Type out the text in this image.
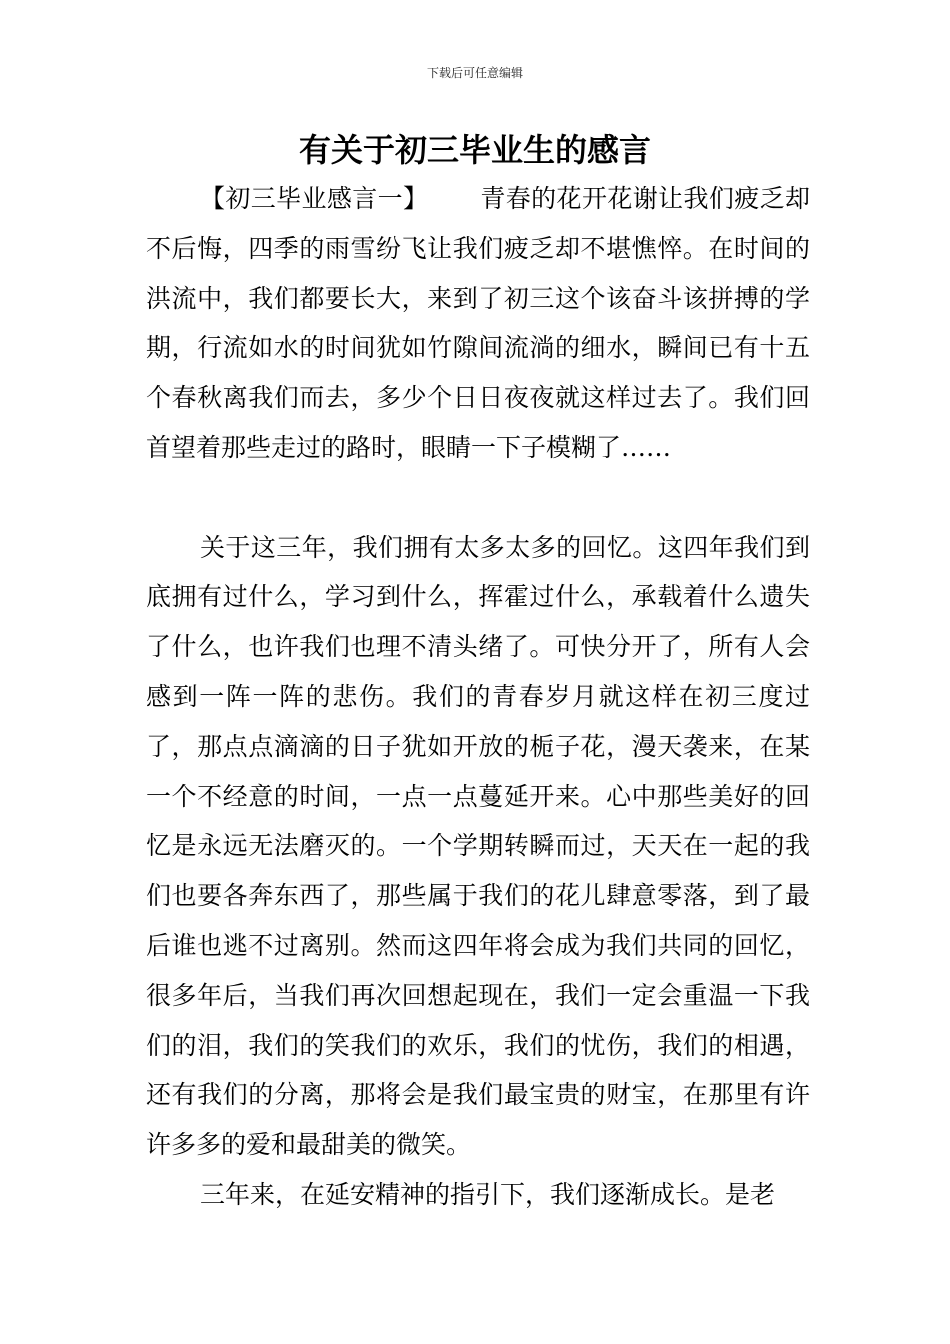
下载后可任意编辑
有关于初三毕业生的感言

【初三毕业感言一】 青春的花开花谢让我们疲乏却不后悔，四季的雨雪纷飞让我们疲乏却不堪憔悴。在时间的洪流中，我们都要长大，来到了初三这个该奋斗该拼搏的学期，行流如水的时间犹如竹隙间流淌的细水，瞬间已有十五个春秋离我们而去，多少个日日夜夜就这样过去了。我们回首望着那些走过的路时，眼睛一下子模糊了……

关于这三年，我们拥有太多太多的回忆。这四年我们到底拥有过什么，学习到什么，挥霍过什么，承载着什么遗失了什么，也许我们也理不清头绪了。可快分开了，所有人会感到一阵一阵的悲伤。我们的青春岁月就这样在初三度过了，那点点滴滴的日子犹如开放的栀子花，漫天袭来，在某一个不经意的时间，一点一点蔓延开来。心中那些美好的回忆是永远无法磨灭的。一个学期转瞬而过，天天在一起的我们也要各奔东西了，那些属于我们的花儿肆意零落，到了最后谁也逃不过离别。然而这四年将会成为我们共同的回忆，很多年后，当我们再次回想起现在，我们一定会重温一下我们的泪，我们的笑我们的欢乐，我们的忧伤，我们的相遇，还有我们的分离，那将会是我们最宝贵的财宝，在那里有许许多多的爱和最甜美的微笑。

三年来，在延安精神的指引下，我们逐渐成长。是老
